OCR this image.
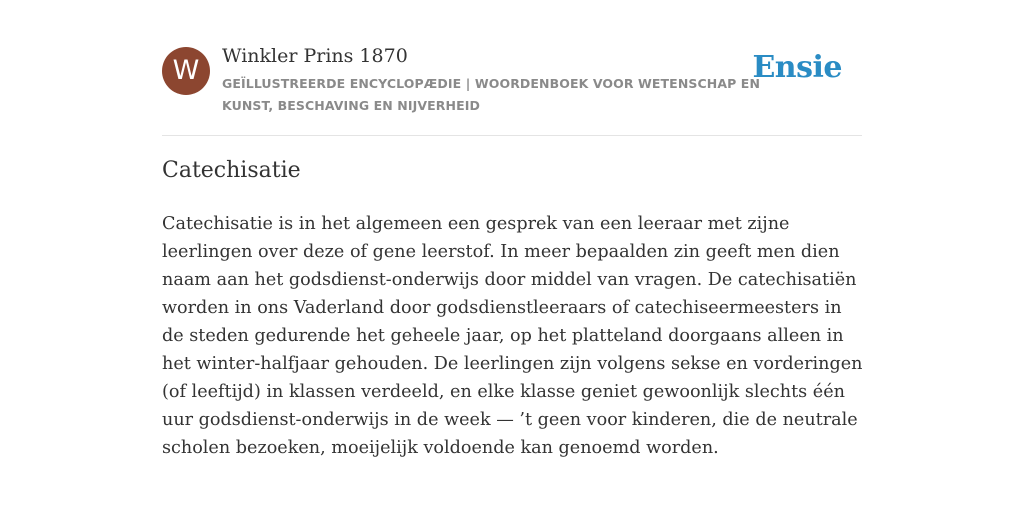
W	Winkler Prins 1870
GEÏLLUSTREERDE ENCYCLOPÆDIE | WOORDENBOEK VOOR WETENSCHAP EN KUNST, BESCHAVING EN NIJVERHEID
Ensie
Catechisatie

Catechisatie is in het algemeen een gesprek van een leeraar met zijne leerlingen over deze of gene leerstof. In meer bepaalden zin geeft men dien naam aan het godsdienst-onderwijs door middel van vragen. De catechisatiën worden in ons Vaderland door godsdienstleeraars of catechiseermeesters in de steden gedurende het geheele jaar, op het platteland doorgaans alleen in het winter-halfjaar gehouden. De leerlingen zijn volgens sekse en vorderingen (of leeftijd) in klassen verdeeld, en elke klasse geniet gewoonlijk slechts één uur godsdienst-onderwijs in de week — ’t geen voor kinderen, die de neutrale scholen bezoeken, moeijelijk voldoende kan genoemd worden.
